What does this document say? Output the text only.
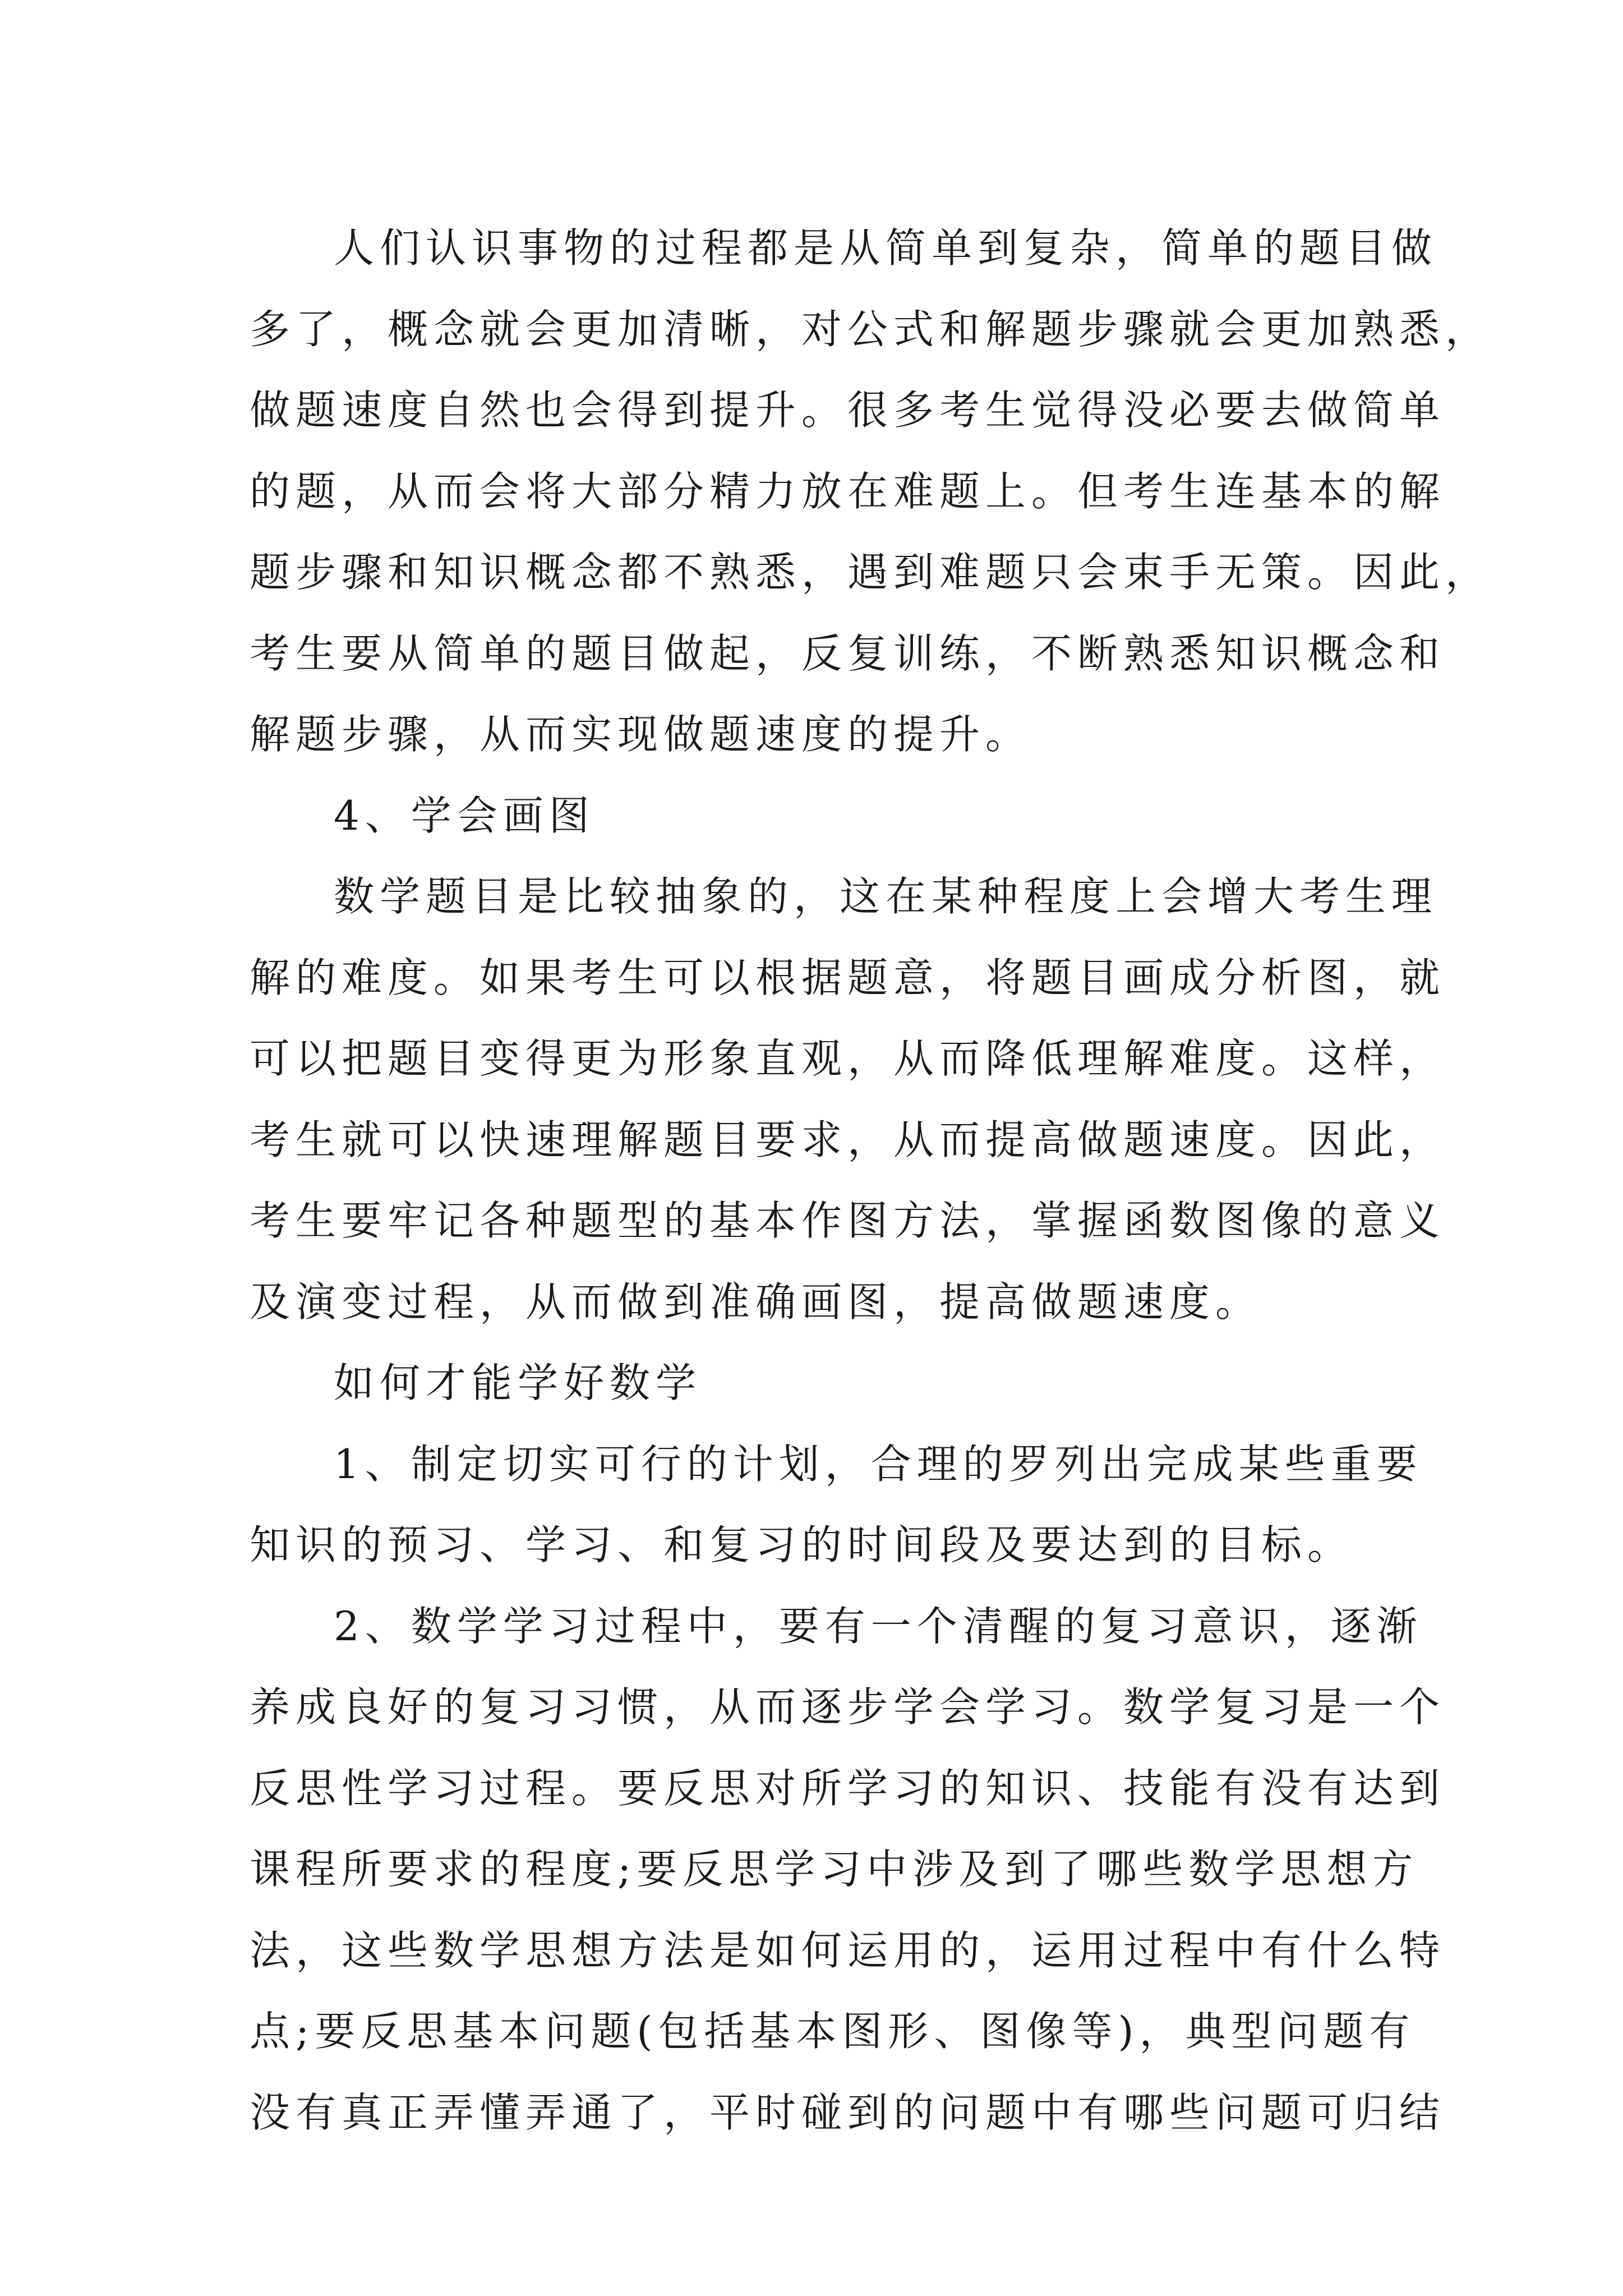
人们认识事物的过程都是从简单到复杂，简单的题目做
多了，概念就会更加清晰，对公式和解题步骤就会更加熟悉，
做题速度自然也会得到提升。很多考生觉得没必要去做简单
的题，从而会将大部分精力放在难题上。但考生连基本的解
题步骤和知识概念都不熟悉，遇到难题只会束手无策。因此，
考生要从简单的题目做起，反复训练，不断熟悉知识概念和
解题步骤，从而实现做题速度的提升。
4、学会画图
数学题目是比较抽象的，这在某种程度上会增大考生理
解的难度。如果考生可以根据题意，将题目画成分析图，就
可以把题目变得更为形象直观，从而降低理解难度。这样，
考生就可以快速理解题目要求，从而提高做题速度。因此，
考生要牢记各种题型的基本作图方法，掌握函数图像的意义
及演变过程，从而做到准确画图，提高做题速度。
如何才能学好数学
1、制定切实可行的计划，合理的罗列出完成某些重要
知识的预习、学习、和复习的时间段及要达到的目标。
2、数学学习过程中，要有一个清醒的复习意识，逐渐
养成良好的复习习惯，从而逐步学会学习。数学复习是一个
反思性学习过程。要反思对所学习的知识、技能有没有达到
课程所要求的程度;要反思学习中涉及到了哪些数学思想方
法，这些数学思想方法是如何运用的，运用过程中有什么特
点;要反思基本问题(包括基本图形、图像等)，典型问题有
没有真正弄懂弄通了，平时碰到的问题中有哪些问题可归结
